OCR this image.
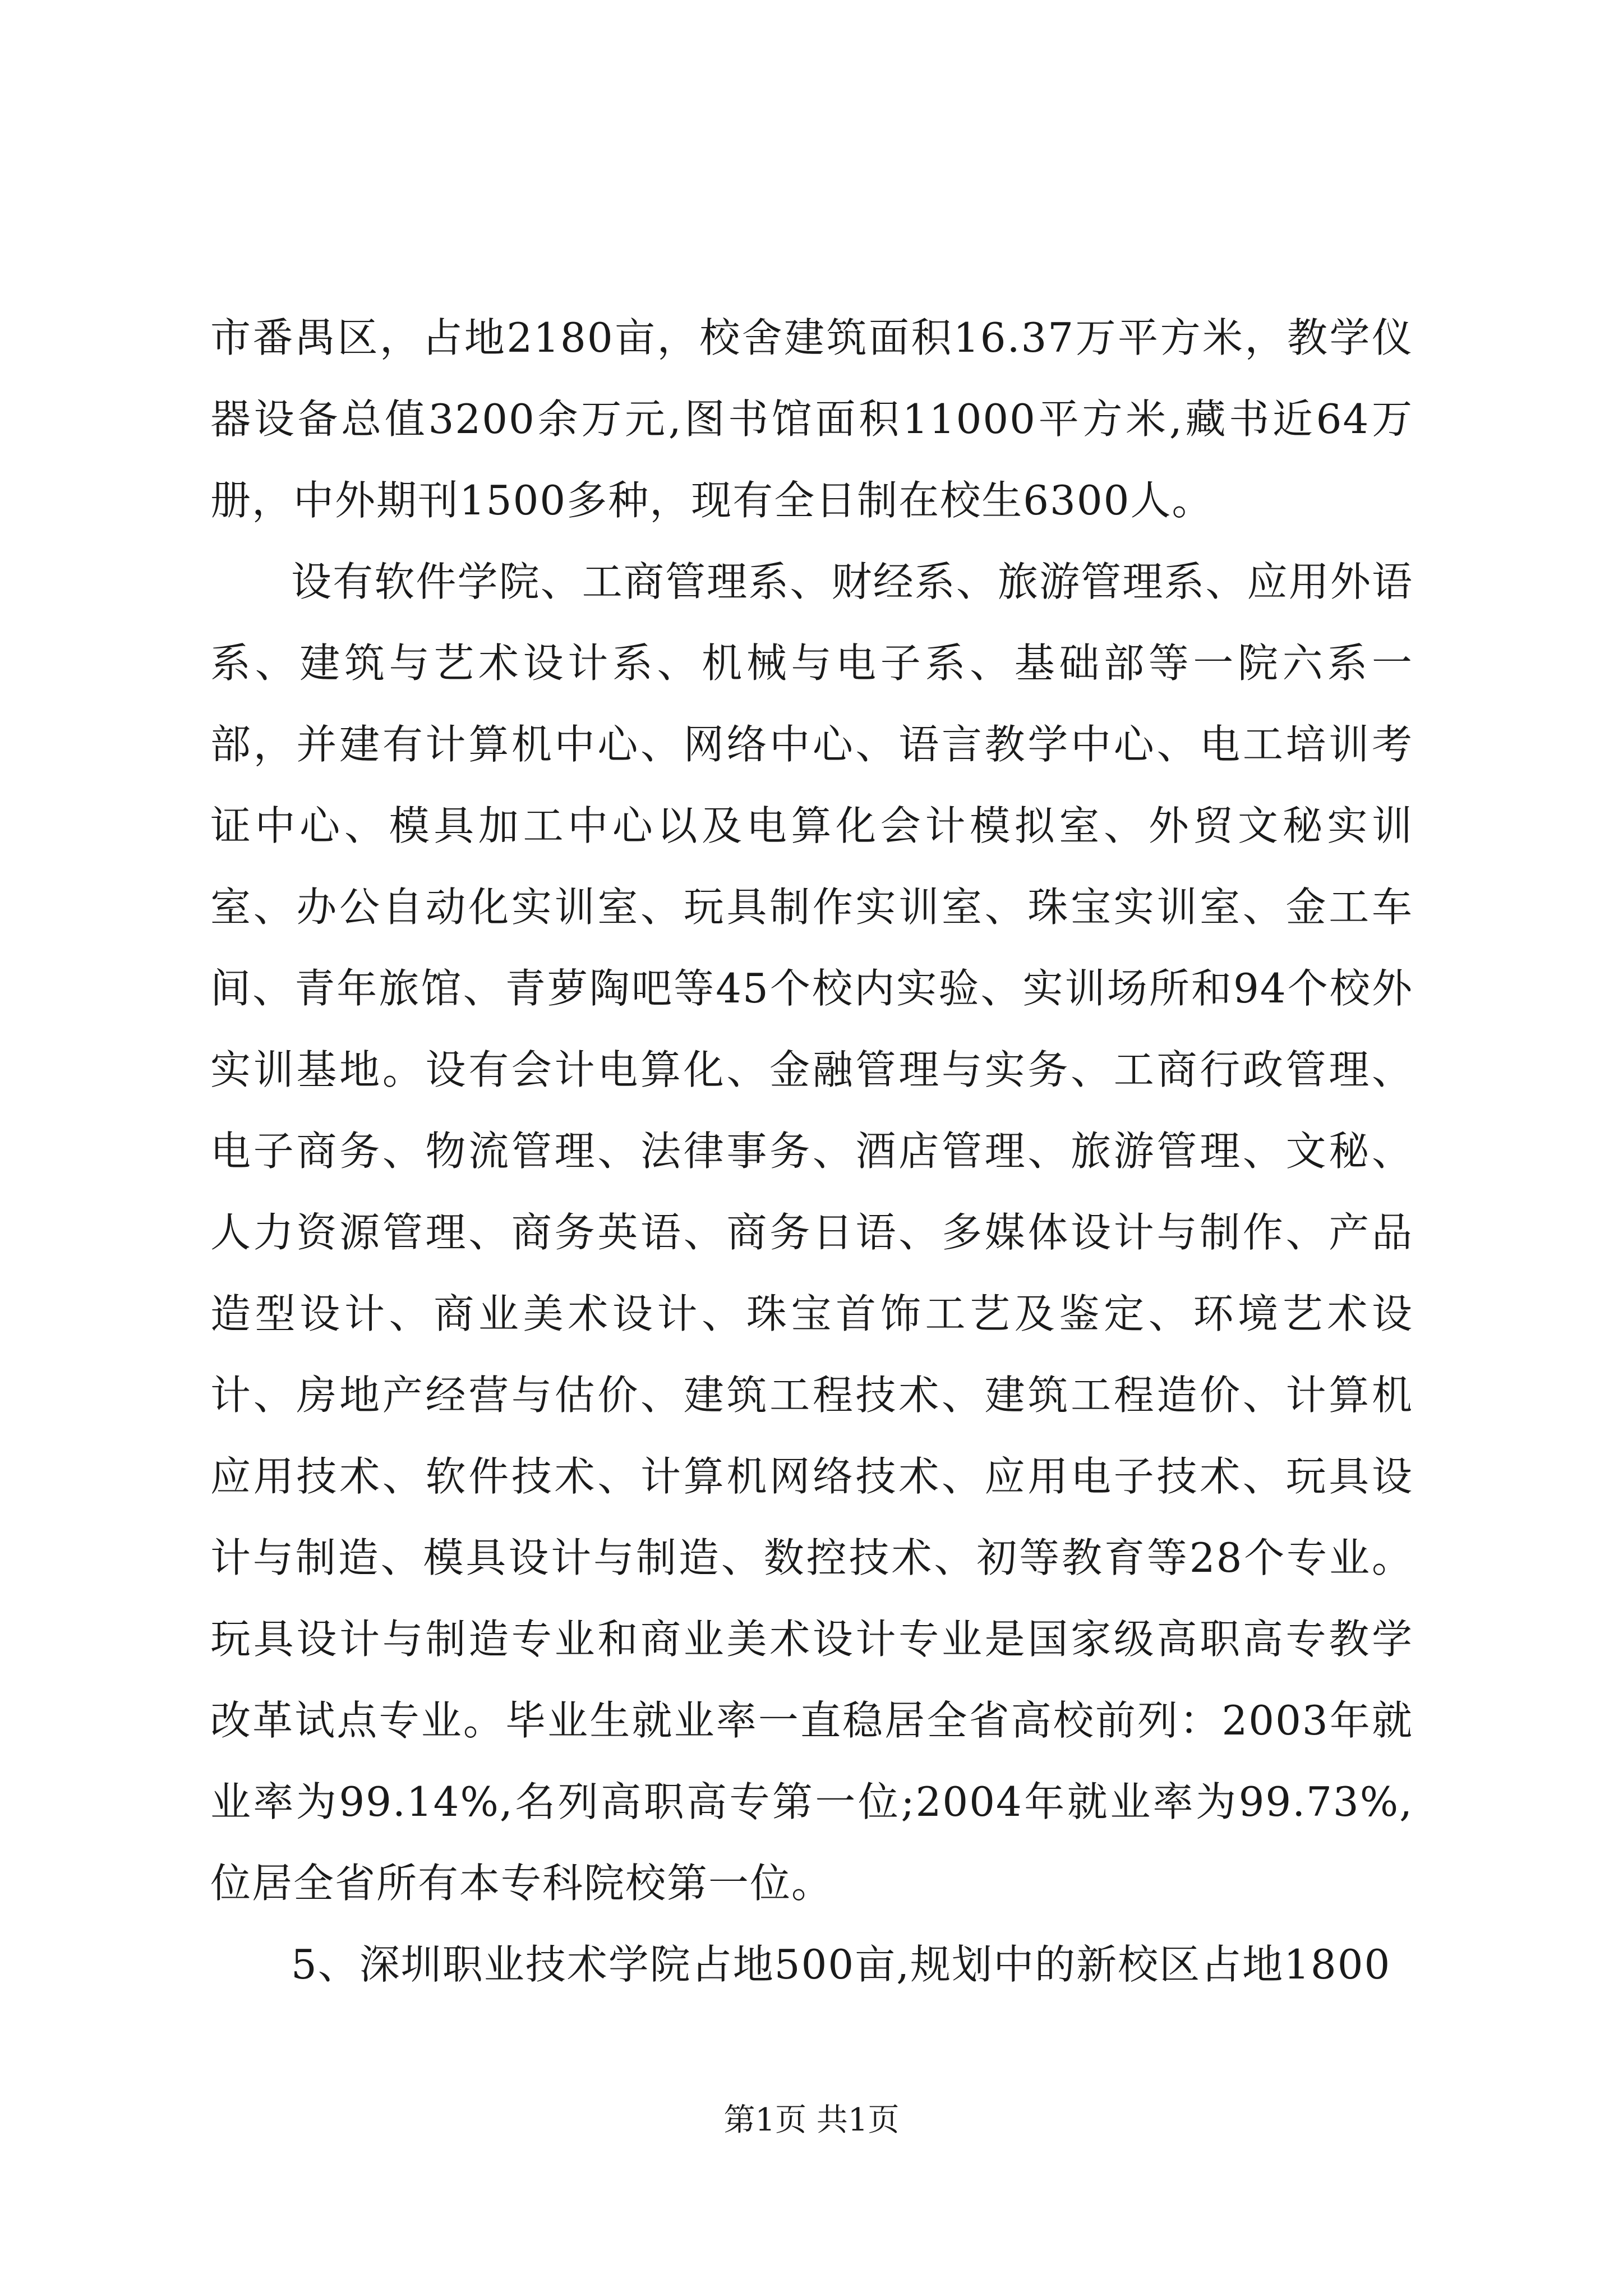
市番禺区，占地2180亩，校舍建筑面积16.37万平方米，教学仪器设备总值3200余万元,图书馆面积11000平方米,藏书近64万册，中外期刊1500多种，现有全日制在校生6300人。

设有软件学院、工商管理系、财经系、旅游管理系、应用外语系、建筑与艺术设计系、机械与电子系、基础部等一院六系一部，并建有计算机中心、网络中心、语言教学中心、电工培训考证中心、模具加工中心以及电算化会计模拟室、外贸文秘实训室、办公自动化实训室、玩具制作实训室、珠宝实训室、金工车间、青年旅馆、青萝陶吧等45个校内实验、实训场所和94个校外实训基地。设有会计电算化、金融管理与实务、工商行政管理、电子商务、物流管理、法律事务、酒店管理、旅游管理、文秘、人力资源管理、商务英语、商务日语、多媒体设计与制作、产品造型设计、商业美术设计、珠宝首饰工艺及鉴定、环境艺术设计、房地产经营与估价、建筑工程技术、建筑工程造价、计算机应用技术、软件技术、计算机网络技术、应用电子技术、玩具设计与制造、模具设计与制造、数控技术、初等教育等28个专业。玩具设计与制造专业和商业美术设计专业是国家级高职高专教学改革试点专业。毕业生就业率一直稳居全省高校前列：2003年就业率为99.14%,名列高职高专第一位;2004年就业率为99.73%,位居全省所有本专科院校第一位。

5、深圳职业技术学院占地500亩,规划中的新校区占地1800

第1页 共1页
